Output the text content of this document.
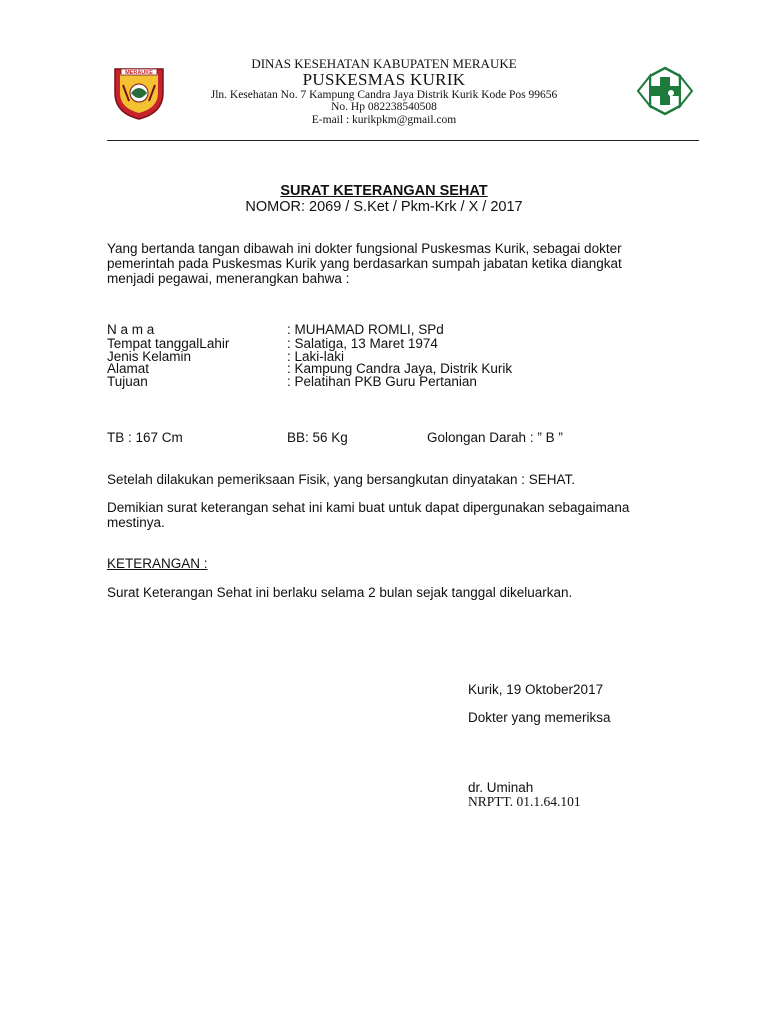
MERAUKE
DINAS KESEHATAN KABUPATEN MERAUKE
PUSKESMAS KURIK
Jln. Kesehatan No. 7 Kampung Candra Jaya Distrik Kurik Kode Pos 99656
No. Hp 082238540508
E-mail : kurikpkm@gmail.com
SURAT KETERANGAN SEHAT
NOMOR: 2069 / S.Ket / Pkm-Krk / X / 2017
Yang bertanda tangan dibawah ini dokter fungsional Puskesmas Kurik, sebagai dokter
pemerintah pada Puskesmas Kurik yang berdasarkan sumpah jabatan ketika diangkat
menjadi pegawai, menerangkan bahwa :
N a m a	: MUHAMAD ROMLI, SPd
Tempat tanggalLahir	: Salatiga, 13 Maret 1974
Jenis Kelamin	: Laki-laki
Alamat	: Kampung Candra Jaya, Distrik Kurik
Tujuan	: Pelatihan PKB Guru Pertanian
TB : 167 Cm	BB: 56 Kg	Golongan Darah : ” B ”
Setelah dilakukan pemeriksaan Fisik, yang bersangkutan dinyatakan : SEHAT.
Demikian surat keterangan sehat ini kami buat untuk dapat dipergunakan sebagaimana
mestinya.
KETERANGAN :
Surat Keterangan Sehat ini berlaku selama 2 bulan sejak tanggal dikeluarkan.
Kurik, 19 Oktober2017
Dokter yang memeriksa
dr. Uminah
NRPTT. 01.1.64.101
